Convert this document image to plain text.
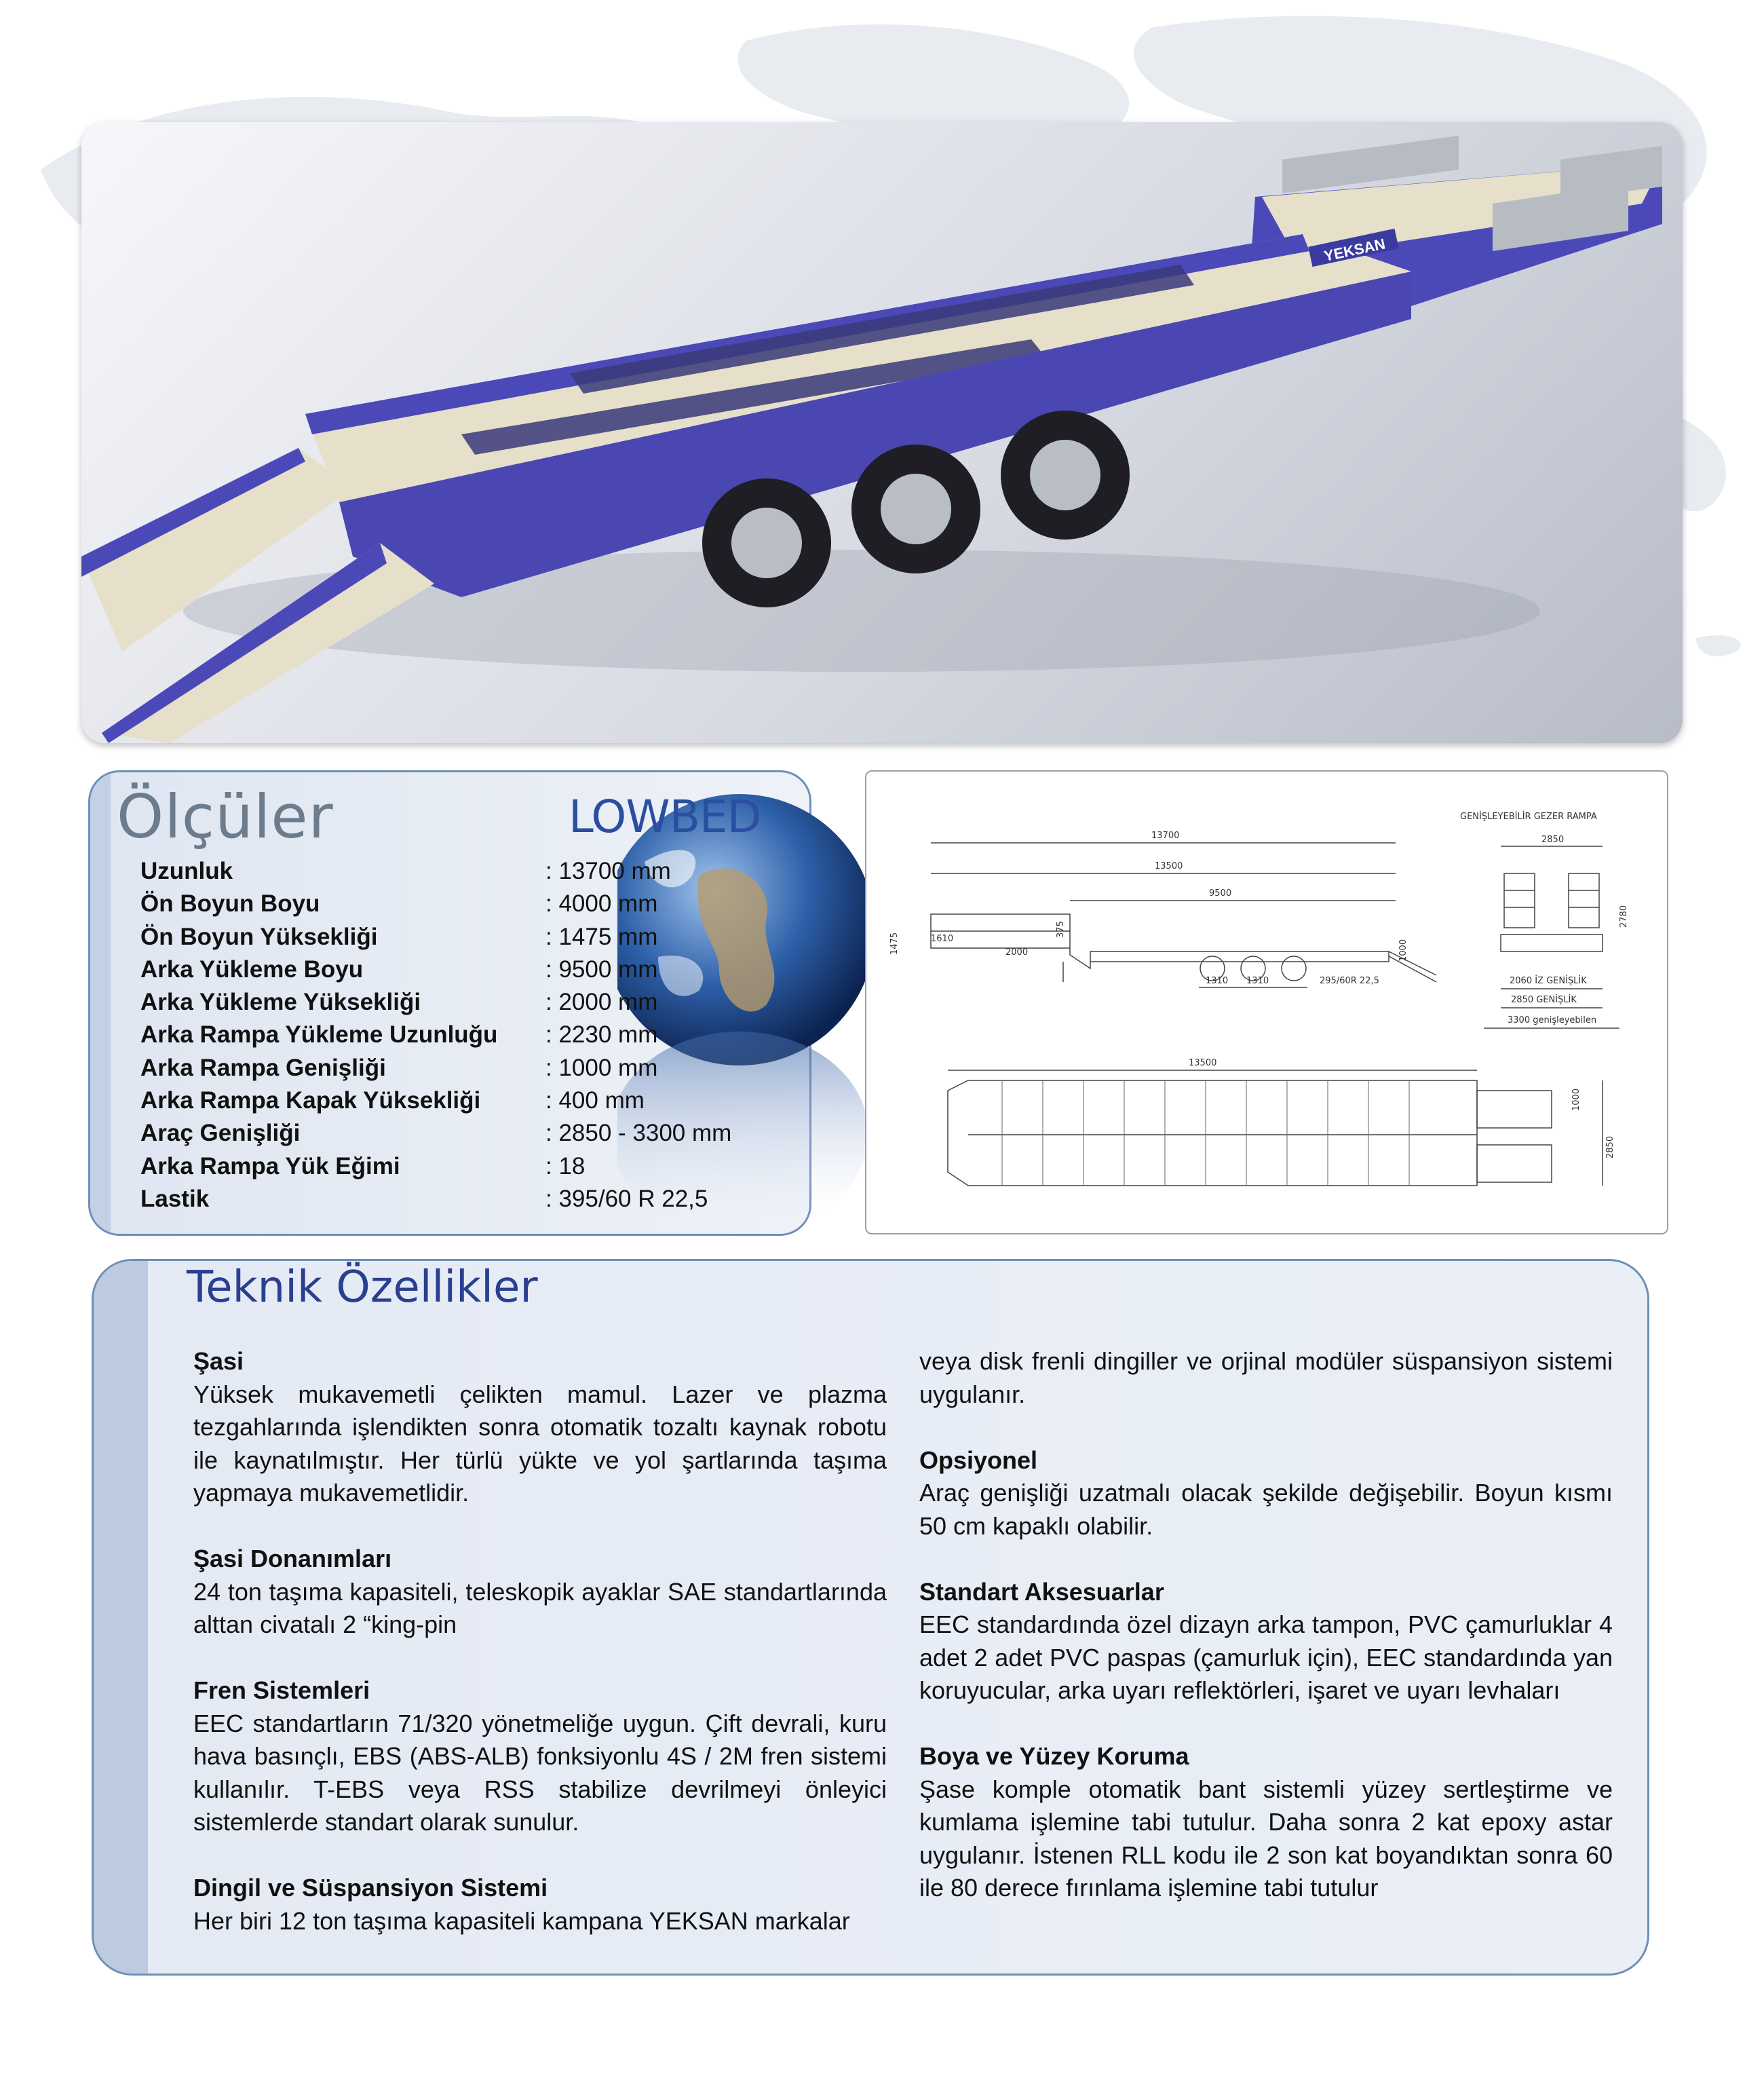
YEKSAN
Ölçüler	LOWBED
Uzunluk	: 13700 mm
Ön Boyun Boyu	: 4000 mm
Ön Boyun Yüksekliği	: 1475 mm
Arka Yükleme Boyu	: 9500 mm
Arka Yükleme Yüksekliği	: 2000 mm
Arka Rampa Yükleme Uzunluğu : 2230 mm
Arka Rampa Genişliği	: 1000 mm
Arka Rampa Kapak Yüksekliği	: 400 mm
Araç Genişliği	: 2850 - 3300 mm
Arka Rampa Yük Eğimi	: 18
Lastik	: 395/60 R 22,5
GENİŞLEYEBİLİR GEZER RAMPA
13700
13500
9500
1475	1610
2000
375
1310 1310	295/60R 22,5
1000
2850
2780
2060 İZ GENİŞLİK
2850 GENİŞLİK
3300 genişleyebilen
13500
1000
2850
Teknik Özellikler
Şasi
Yüksek mukavemetli çelikten mamul. Lazer ve plazma tezgahlarında işlendikten sonra otomatik tozaltı kaynak robotu ile kaynatılmıştır. Her türlü yükte ve yol şartlarında taşıma yapmaya mukavemetlidir.
Şasi Donanımları
24 ton taşıma kapasiteli, teleskopik ayaklar SAE standartlarında alttan civatalı 2 “king-pin
Fren Sistemleri
EEC standartların 71/320 yönetmeliğe uygun. Çift devrali, kuru hava basınçlı, EBS (ABS-ALB) fonksiyonlu 4S / 2M fren sistemi kullanılır. T-EBS veya RSS stabilize devrilmeyi önleyici sistemlerde standart olarak sunulur.
Dingil ve Süspansiyon Sistemi
Her biri 12 ton taşıma kapasiteli kampana YEKSAN markalar
veya disk frenli dingiller ve orjinal modüler süspansiyon sistemi uygulanır.
Opsiyonel
Araç genişliği uzatmalı olacak şekilde değişebilir. Boyun kısmı 50 cm kapaklı olabilir.
Standart Aksesuarlar
EEC standardında özel dizayn arka tampon, PVC çamurluklar 4 adet 2 adet PVC paspas (çamurluk için), EEC standardında yan koruyucular, arka uyarı reflektörleri, işaret ve uyarı levhaları
Boya ve Yüzey Koruma
Şase komple otomatik bant sistemli yüzey sertleştirme ve kumlama işlemine tabi tutulur. Daha sonra 2 kat epoxy astar uygulanır. İstenen RLL kodu ile 2 son kat boyandıktan sonra 60 ile 80 derece fırınlama işlemine tabi tutulur
